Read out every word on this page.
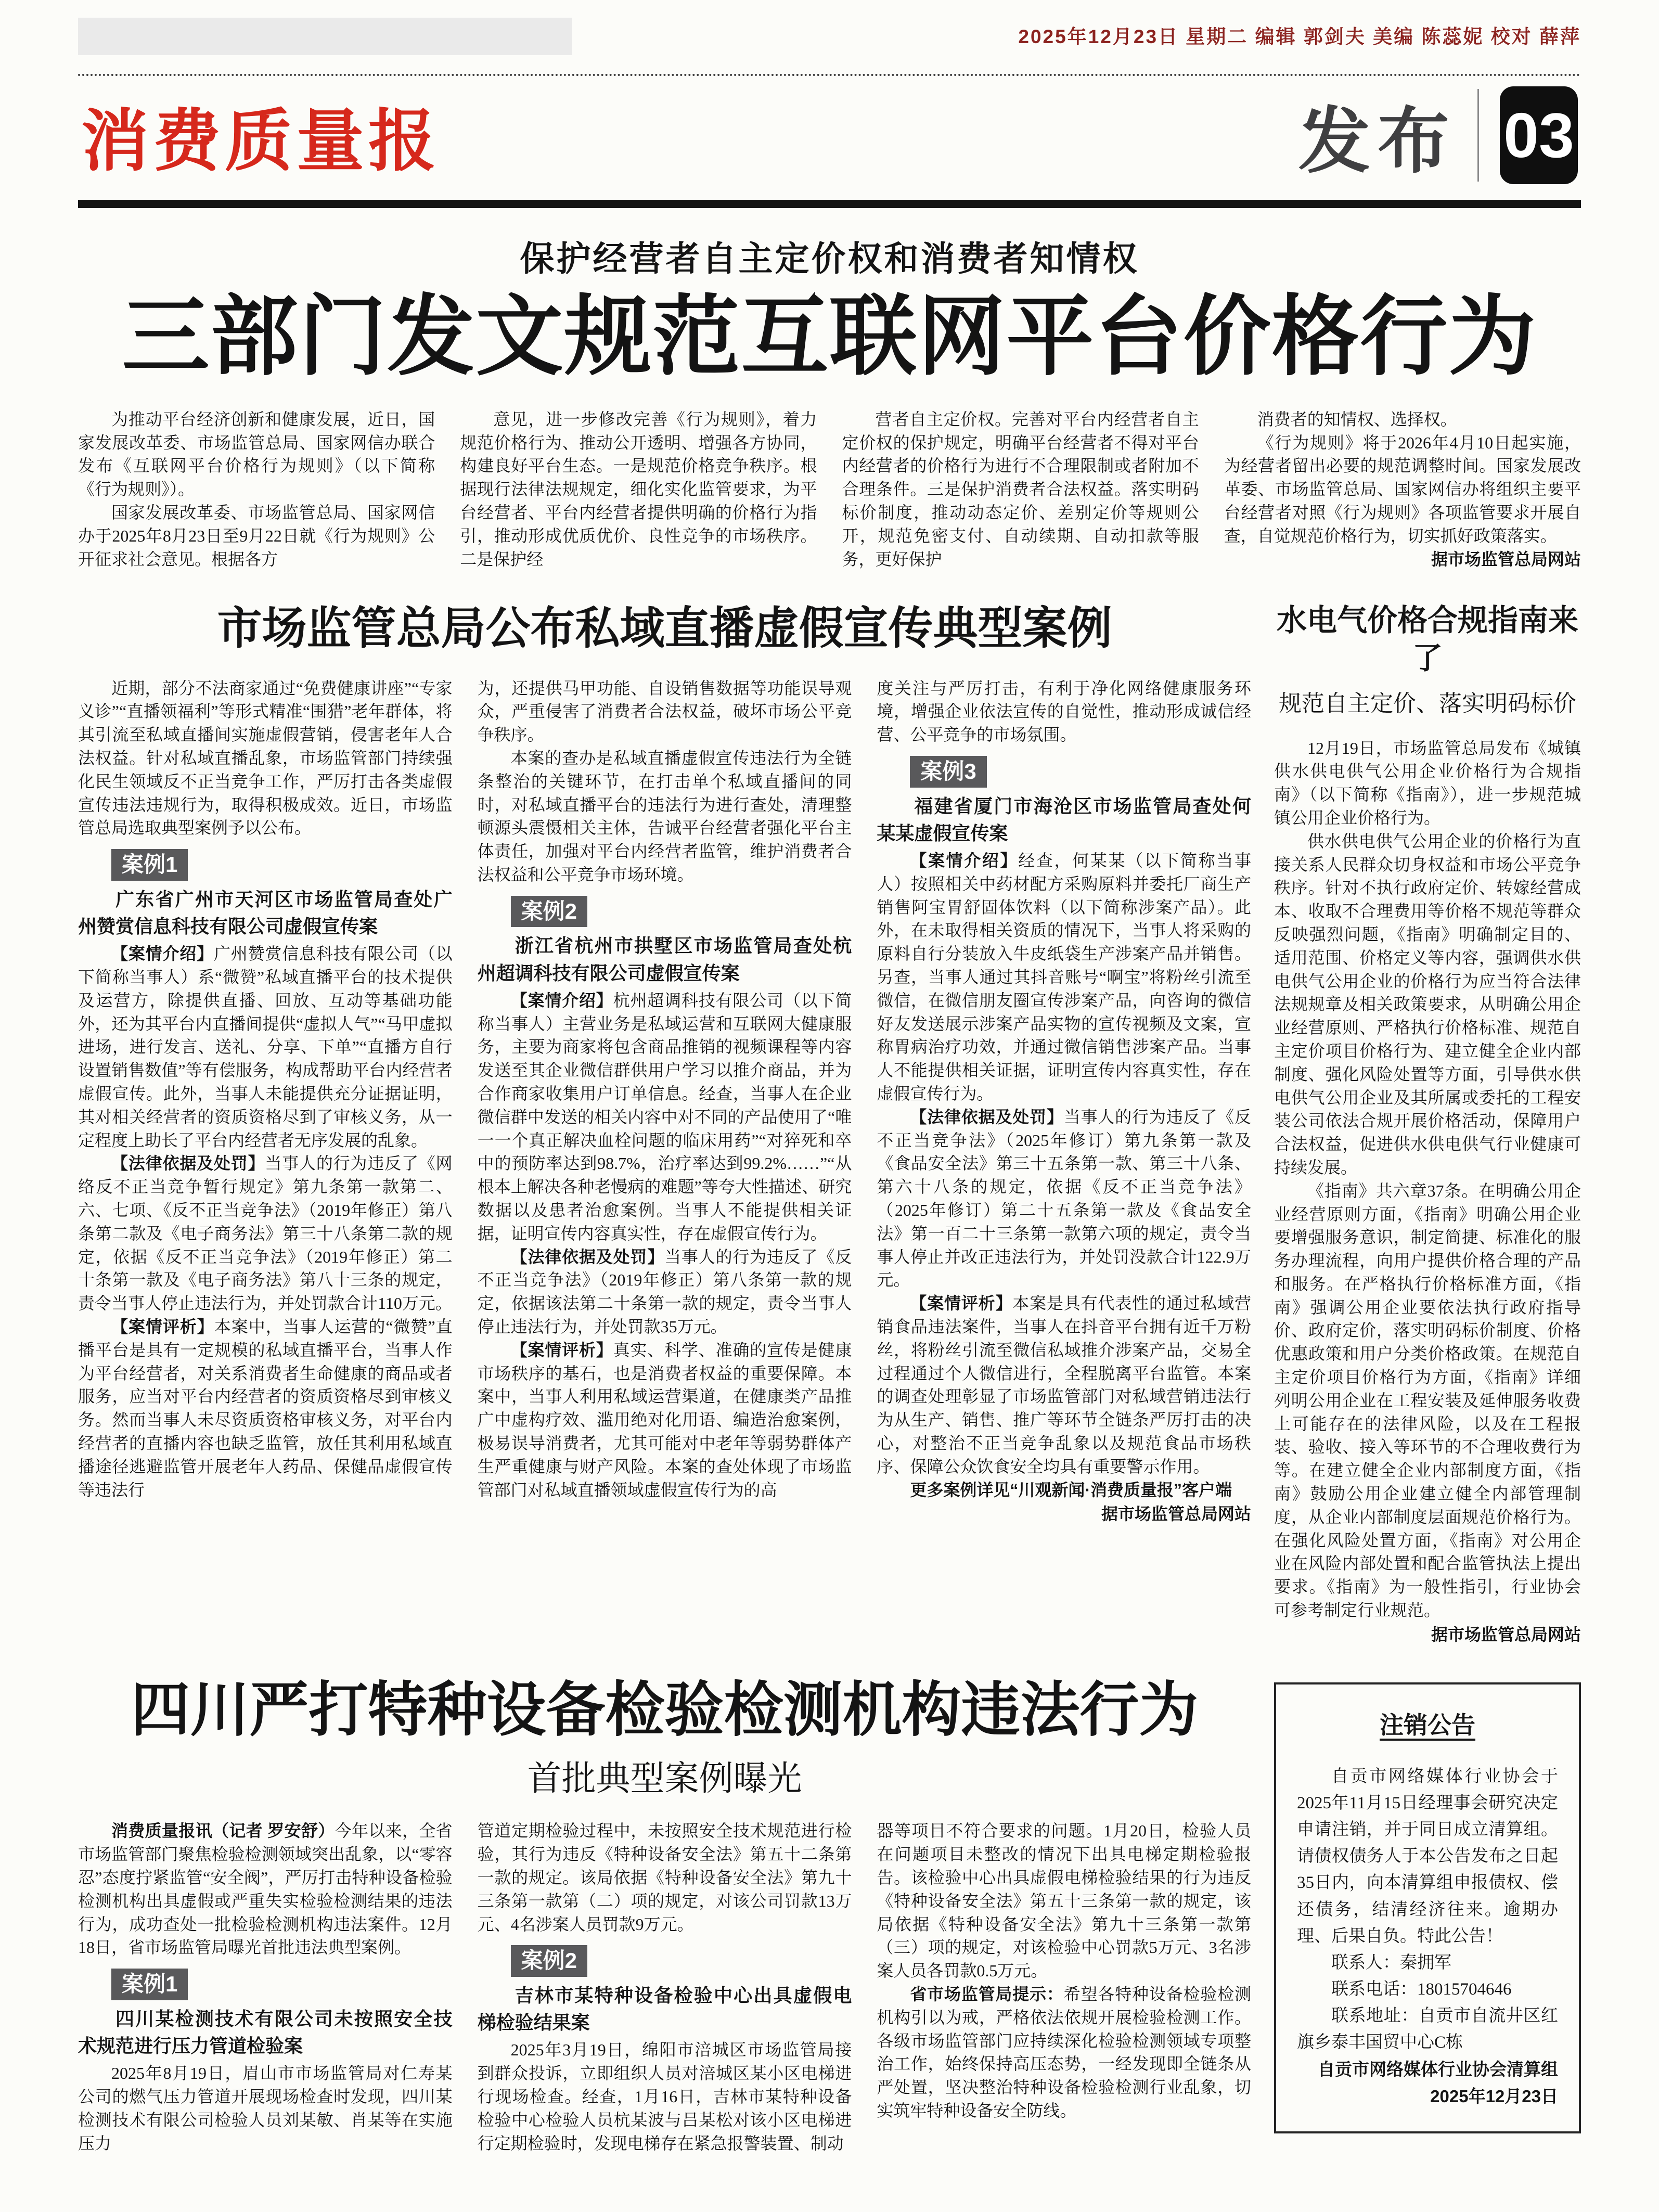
2025年12月23日 星期二 编辑 郭剑夫 美编 陈蕊妮 校对 薛萍
消费质量报	发布 03
保护经营者自主定价权和消费者知情权
三部门发文规范互联网平台价格行为

为推动平台经济创新和健康发展，近日，国家发展改革委、市场监管总局、国家网信办联合发布《互联网平台价格行为规则》（以下简称《行为规则》）。

国家发展改革委、市场监管总局、国家网信办于2025年8月23日至9月22日就《行为规则》公开征求社会意见。根据各方

意见，进一步修改完善《行为规则》，着力规范价格行为、推动公开透明、增强各方协同，构建良好平台生态。一是规范价格竞争秩序。根据现行法律法规规定，细化实化监管要求，为平台经营者、平台内经营者提供明确的价格行为指引，推动形成优质优价、良性竞争的市场秩序。二是保护经

营者自主定价权。完善对平台内经营者自主定价权的保护规定，明确平台经营者不得对平台内经营者的价格行为进行不合理限制或者附加不合理条件。三是保护消费者合法权益。落实明码标价制度，推动动态定价、差别定价等规则公开，规范免密支付、自动续期、自动扣款等服务，更好保护

消费者的知情权、选择权。

《行为规则》将于2026年4月10日起实施，为经营者留出必要的规范调整时间。国家发展改革委、市场监管总局、国家网信办将组织主要平台经营者对照《行为规则》各项监管要求开展自查，自觉规范价格行为，切实抓好政策落实。
据市场监管总局网站

市场监管总局公布私域直播虚假宣传典型案例

近期，部分不法商家通过“免费健康讲座”“专家义诊”“直播领福利”等形式精准“围猎”老年群体，将其引流至私域直播间实施虚假营销，侵害老年人合法权益。针对私域直播乱象，市场监管部门持续强化民生领域反不正当竞争工作，严厉打击各类虚假宣传违法违规行为，取得积极成效。近日，市场监管总局选取典型案例予以公布。

案例1
广东省广州市天河区市场监管局查处广州赞赏信息科技有限公司虚假宣传案

【案情介绍】广州赞赏信息科技有限公司（以下简称当事人）系“微赞”私域直播平台的技术提供及运营方，除提供直播、回放、互动等基础功能外，还为其平台内直播间提供“虚拟人气”“马甲虚拟进场，进行发言、送礼、分享、下单”“直播方自行设置销售数值”等有偿服务，构成帮助平台内经营者虚假宣传。此外，当事人未能提供充分证据证明，其对相关经营者的资质资格尽到了审核义务，从一定程度上助长了平台内经营者无序发展的乱象。

【法律依据及处罚】当事人的行为违反了《网络反不正当竞争暂行规定》第九条第一款第二、六、七项、《反不正当竞争法》（2019年修正）第八条第二款及《电子商务法》第三十八条第二款的规定，依据《反不正当竞争法》（2019年修正）第二十条第一款及《电子商务法》第八十三条的规定，责令当事人停止违法行为，并处罚款合计110万元。

【案情评析】本案中，当事人运营的“微赞”直播平台是具有一定规模的私域直播平台，当事人作为平台经营者，对关系消费者生命健康的商品或者服务，应当对平台内经营者的资质资格尽到审核义务。然而当事人未尽资质资格审核义务，对平台内经营者的直播内容也缺乏监管，放任其利用私域直播途径逃避监管开展老年人药品、保健品虚假宣传等违法行

为，还提供马甲功能、自设销售数据等功能误导观众，严重侵害了消费者合法权益，破坏市场公平竞争秩序。

本案的查办是私域直播虚假宣传违法行为全链条整治的关键环节，在打击单个私域直播间的同时，对私域直播平台的违法行为进行查处，清理整顿源头震慑相关主体，告诫平台经营者强化平台主体责任，加强对平台内经营者监管，维护消费者合法权益和公平竞争市场环境。

案例2
浙江省杭州市拱墅区市场监管局查处杭州超调科技有限公司虚假宣传案

【案情介绍】杭州超调科技有限公司（以下简称当事人）主营业务是私域运营和互联网大健康服务，主要为商家将包含商品推销的视频课程等内容发送至其企业微信群供用户学习以推介商品，并为合作商家收集用户订单信息。经查，当事人在企业微信群中发送的相关内容中对不同的产品使用了“唯一一个真正解决血栓问题的临床用药”“对猝死和卒中的预防率达到98.7%，治疗率达到99.2%……”“从根本上解决各种老慢病的难题”等夸大性描述、研究数据以及患者治愈案例。当事人不能提供相关证据，证明宣传内容真实性，存在虚假宣传行为。

【法律依据及处罚】当事人的行为违反了《反不正当竞争法》（2019年修正）第八条第一款的规定，依据该法第二十条第一款的规定，责令当事人停止违法行为，并处罚款35万元。

【案情评析】真实、科学、准确的宣传是健康市场秩序的基石，也是消费者权益的重要保障。本案中，当事人利用私域运营渠道，在健康类产品推广中虚构疗效、滥用绝对化用语、编造治愈案例，极易误导消费者，尤其可能对中老年等弱势群体产生严重健康与财产风险。本案的查处体现了市场监管部门对私域直播领域虚假宣传行为的高

度关注与严厉打击，有利于净化网络健康服务环境，增强企业依法宣传的自觉性，推动形成诚信经营、公平竞争的市场氛围。

案例3
福建省厦门市海沧区市场监管局查处何某某虚假宣传案

【案情介绍】经查，何某某（以下简称当事人）按照相关中药材配方采购原料并委托厂商生产销售阿宝胃舒固体饮料（以下简称涉案产品）。此外，在未取得相关资质的情况下，当事人将采购的原料自行分装放入牛皮纸袋生产涉案产品并销售。另查，当事人通过其抖音账号“啊宝”将粉丝引流至微信，在微信朋友圈宣传涉案产品，向咨询的微信好友发送展示涉案产品实物的宣传视频及文案，宣称胃病治疗功效，并通过微信销售涉案产品。当事人不能提供相关证据，证明宣传内容真实性，存在虚假宣传行为。

【法律依据及处罚】当事人的行为违反了《反不正当竞争法》（2025年修订）第九条第一款及《食品安全法》第三十五条第一款、第三十八条、第六十八条的规定，依据《反不正当竞争法》（2025年修订）第二十五条第一款及《食品安全法》第一百二十三条第一款第六项的规定，责令当事人停止并改正违法行为，并处罚没款合计122.9万元。

【案情评析】本案是具有代表性的通过私域营销食品违法案件，当事人在抖音平台拥有近千万粉丝，将粉丝引流至微信私域推介涉案产品，交易全过程通过个人微信进行，全程脱离平台监管。本案的调查处理彰显了市场监管部门对私域营销违法行为从生产、销售、推广等环节全链条严厉打击的决心，对整治不正当竞争乱象以及规范食品市场秩序、保障公众饮食安全均具有重要警示作用。

更多案例详见“川观新闻·消费质量报”客户端

据市场监管总局网站

水电气价格合规指南来了
规范自主定价、落实明码标价

12月19日，市场监管总局发布《城镇供水供电供气公用企业价格行为合规指南》（以下简称《指南》），进一步规范城镇公用企业价格行为。

供水供电供气公用企业的价格行为直接关系人民群众切身权益和市场公平竞争秩序。针对不执行政府定价、转嫁经营成本、收取不合理费用等价格不规范等群众反映强烈问题，《指南》明确制定目的、适用范围、价格定义等内容，强调供水供电供气公用企业的价格行为应当符合法律法规规章及相关政策要求，从明确公用企业经营原则、严格执行价格标准、规范自主定价项目价格行为、建立健全企业内部制度、强化风险处置等方面，引导供水供电供气公用企业及其所属或委托的工程安装公司依法合规开展价格活动，保障用户合法权益，促进供水供电供气行业健康可持续发展。

《指南》共六章37条。在明确公用企业经营原则方面，《指南》明确公用企业要增强服务意识，制定简捷、标准化的服务办理流程，向用户提供价格合理的产品和服务。在严格执行价格标准方面，《指南》强调公用企业要依法执行政府指导价、政府定价，落实明码标价制度、价格优惠政策和用户分类价格政策。在规范自主定价项目价格行为方面，《指南》详细列明公用企业在工程安装及延伸服务收费上可能存在的法律风险，以及在工程报装、验收、接入等环节的不合理收费行为等。在建立健全企业内部制度方面，《指南》鼓励公用企业建立健全内部管理制度，从企业内部制度层面规范价格行为。在强化风险处置方面，《指南》对公用企业在风险内部处置和配合监管执法上提出要求。《指南》为一般性指引，行业协会可参考制定行业规范。

据市场监管总局网站

四川严打特种设备检验检测机构违法行为
首批典型案例曝光

消费质量报讯（记者 罗安舒）今年以来，全省市场监管部门聚焦检验检测领域突出乱象，以“零容忍”态度拧紧监管“安全阀”，严厉打击特种设备检验检测机构出具虚假或严重失实检验检测结果的违法行为，成功查处一批检验检测机构违法案件。12月18日，省市场监管局曝光首批违法典型案例。

案例1
四川某检测技术有限公司未按照安全技术规范进行压力管道检验案

2025年8月19日，眉山市市场监管局对仁寿某公司的燃气压力管道开展现场检查时发现，四川某检测技术有限公司检验人员刘某敏、肖某等在实施压力

管道定期检验过程中，未按照安全技术规范进行检验，其行为违反《特种设备安全法》第五十二条第一款的规定。该局依据《特种设备安全法》第九十三条第一款第（二）项的规定，对该公司罚款13万元、4名涉案人员罚款9万元。

案例2
吉林市某特种设备检验中心出具虚假电梯检验结果案

2025年3月19日，绵阳市涪城区市场监管局接到群众投诉，立即组织人员对涪城区某小区电梯进行现场检查。经查，1月16日，吉林市某特种设备检验中心检验人员杭某波与吕某松对该小区电梯进行定期检验时，发现电梯存在紧急报警装置、制动

器等项目不符合要求的问题。1月20日，检验人员在问题项目未整改的情况下出具电梯定期检验报告。该检验中心出具虚假电梯检验结果的行为违反《特种设备安全法》第五十三条第一款的规定，该局依据《特种设备安全法》第九十三条第一款第（三）项的规定，对该检验中心罚款5万元、3名涉案人员各罚款0.5万元。

省市场监管局提示：希望各特种设备检验检测机构引以为戒，严格依法依规开展检验检测工作。各级市场监管部门应持续深化检验检测领域专项整治工作，始终保持高压态势，一经发现即全链条从严处置，坚决整治特种设备检验检测行业乱象，切实筑牢特种设备安全防线。

注销公告

自贡市网络媒体行业协会于2025年11月15日经理事会研究决定申请注销，并于同日成立清算组。请债权债务人于本公告发布之日起35日内，向本清算组申报债权、偿还债务，结清经济往来。逾期办理、后果自负。特此公告！

联系人：秦拥军

联系电话：18015704646

联系地址：自贡市自流井区红旗乡泰丰国贸中心C栋

自贡市网络媒体行业协会清算组

2025年12月23日
